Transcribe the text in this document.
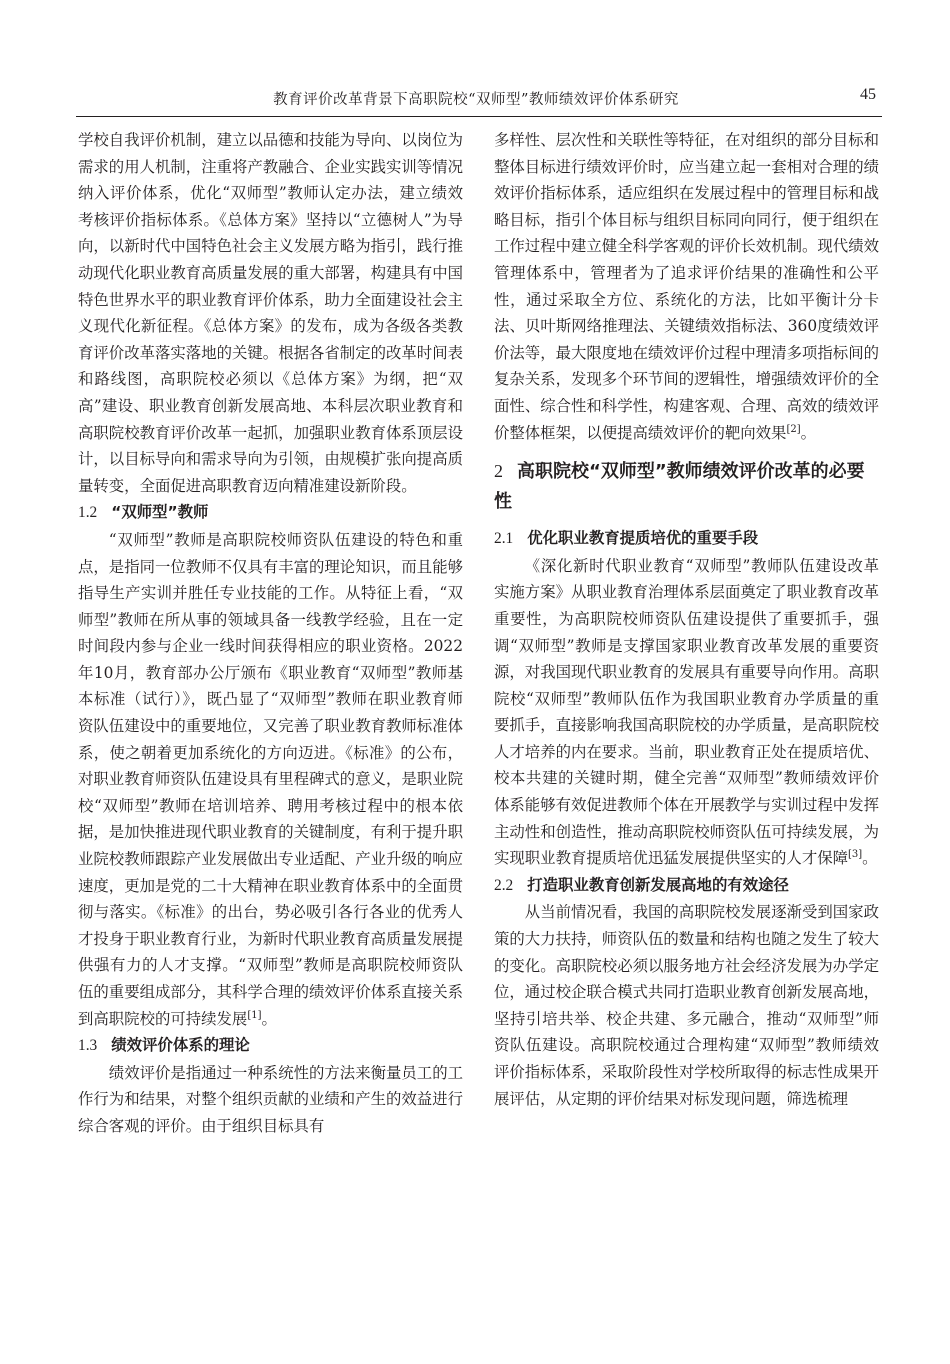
教育评价改革背景下高职院校“双师型”教师绩效评价体系研究	45

学校自我评价机制，建立以品德和技能为导向、以岗位为需求的用人机制，注重将产教融合、企业实践实训等情况纳入评价体系，优化“双师型”教师认定办法，建立绩效考核评价指标体系。《总体方案》坚持以“立德树人”为导向，以新时代中国特色社会主义发展方略为指引，践行推动现代化职业教育高质量发展的重大部署，构建具有中国特色世界水平的职业教育评价体系，助力全面建设社会主义现代化新征程。《总体方案》的发布，成为各级各类教育评价改革落实落地的关键。根据各省制定的改革时间表和路线图，高职院校必须以《总体方案》为纲，把“双高”建设、职业教育创新发展高地、本科层次职业教育和高职院校教育评价改革一起抓，加强职业教育体系顶层设计，以目标导向和需求导向为引领，由规模扩张向提高质量转变，全面促进高职教育迈向精准建设新阶段。

1.2 “双师型”教师

“双师型”教师是高职院校师资队伍建设的特色和重点，是指同一位教师不仅具有丰富的理论知识，而且能够指导生产实训并胜任专业技能的工作。从特征上看，“双师型”教师在所从事的领域具备一线教学经验，且在一定时间段内参与企业一线时间获得相应的职业资格。2022年10月，教育部办公厅颁布《职业教育“双师型”教师基本标准（试行）》，既凸显了“双师型”教师在职业教育师资队伍建设中的重要地位，又完善了职业教育教师标准体系，使之朝着更加系统化的方向迈进。《标准》的公布，对职业教育师资队伍建设具有里程碑式的意义，是职业院校“双师型”教师在培训培养、聘用考核过程中的根本依据，是加快推进现代职业教育的关键制度，有利于提升职业院校教师跟踪产业发展做出专业适配、产业升级的响应速度，更加是党的二十大精神在职业教育体系中的全面贯彻与落实。《标准》的出台，势必吸引各行各业的优秀人才投身于职业教育行业，为新时代职业教育高质量发展提供强有力的人才支撑。“双师型”教师是高职院校师资队伍的重要组成部分，其科学合理的绩效评价体系直接关系到高职院校的可持续发展[1]。

1.3 绩效评价体系的理论

绩效评价是指通过一种系统性的方法来衡量员工的工作行为和结果，对整个组织贡献的业绩和产生的效益进行综合客观的评价。由于组织目标具有

多样性、层次性和关联性等特征，在对组织的部分目标和整体目标进行绩效评价时，应当建立起一套相对合理的绩效评价指标体系，适应组织在发展过程中的管理目标和战略目标，指引个体目标与组织目标同向同行，便于组织在工作过程中建立健全科学客观的评价长效机制。现代绩效管理体系中，管理者为了追求评价结果的准确性和公平性，通过采取全方位、系统化的方法，比如平衡计分卡法、贝叶斯网络推理法、关键绩效指标法、360度绩效评价法等，最大限度地在绩效评价过程中理清多项指标间的复杂关系，发现多个环节间的逻辑性，增强绩效评价的全面性、综合性和科学性，构建客观、合理、高效的绩效评价整体框架，以便提高绩效评价的靶向效果[2]。

2 高职院校“双师型”教师绩效评价改革的必要性
2.1 优化职业教育提质培优的重要手段

《深化新时代职业教育“双师型”教师队伍建设改革实施方案》从职业教育治理体系层面奠定了职业教育改革重要性，为高职院校师资队伍建设提供了重要抓手，强调“双师型”教师是支撑国家职业教育改革发展的重要资源，对我国现代职业教育的发展具有重要导向作用。高职院校“双师型”教师队伍作为我国职业教育办学质量的重要抓手，直接影响我国高职院校的办学质量，是高职院校人才培养的内在要求。当前，职业教育正处在提质培优、校本共建的关键时期，健全完善“双师型”教师绩效评价体系能够有效促进教师个体在开展教学与实训过程中发挥主动性和创造性，推动高职院校师资队伍可持续发展，为实现职业教育提质培优迅猛发展提供坚实的人才保障[3]。

2.2 打造职业教育创新发展高地的有效途径

从当前情况看，我国的高职院校发展逐渐受到国家政策的大力扶持，师资队伍的数量和结构也随之发生了较大的变化。高职院校必须以服务地方社会经济发展为办学定位，通过校企联合模式共同打造职业教育创新发展高地，坚持引培共举、校企共建、多元融合，推动“双师型”师资队伍建设。高职院校通过合理构建“双师型”教师绩效评价指标体系，采取阶段性对学校所取得的标志性成果开展评估，从定期的评价结果对标发现问题，筛选梳理
